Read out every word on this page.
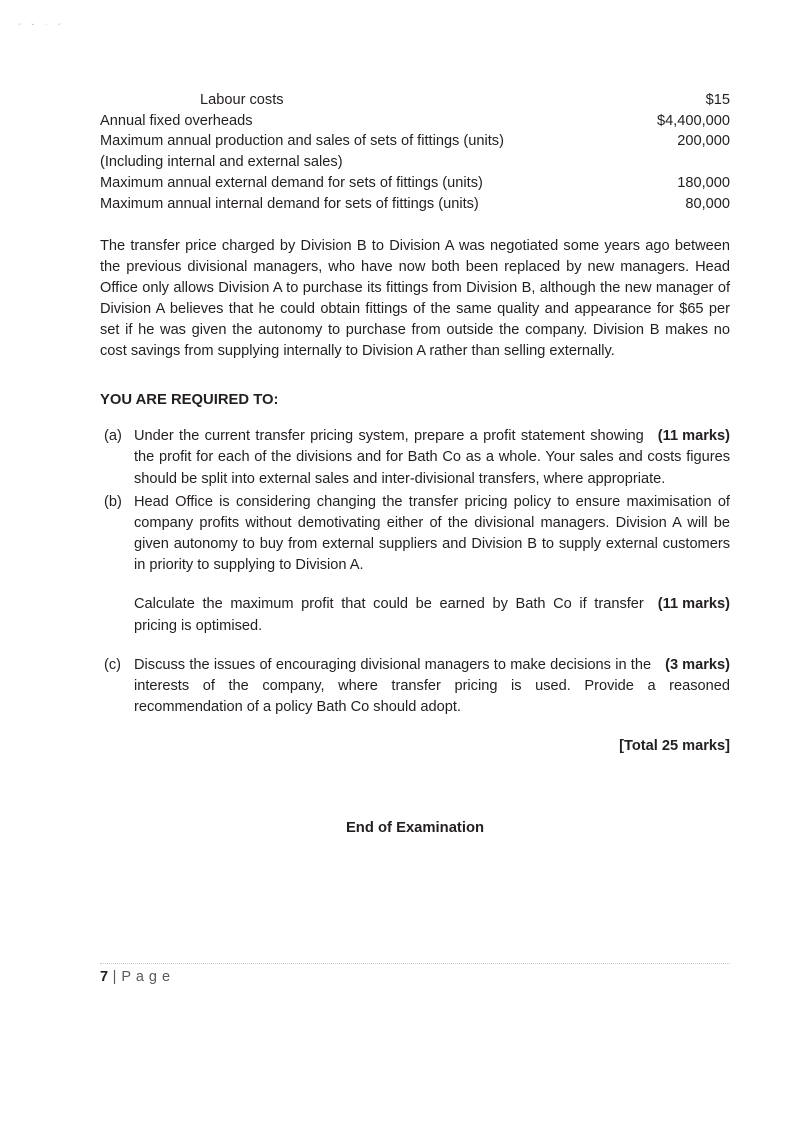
˘ ˇ ˈ ˘
Labour costs	$15
Annual fixed overheads	$4,400,000
Maximum annual production and sales of sets of fittings (units)	200,000
(Including internal and external sales)	
Maximum annual external demand for sets of fittings (units)	180,000
Maximum annual internal demand for sets of fittings (units)	80,000

The transfer price charged by Division B to Division A was negotiated some years ago between the previous divisional managers, who have now both been replaced by new managers. Head Office only allows Division A to purchase its fittings from Division B, although the new manager of Division A believes that he could obtain fittings of the same quality and appearance for $65 per set if he was given the autonomy to purchase from outside the company. Division B makes no cost savings from supplying internally to Division A rather than selling externally.

YOU ARE REQUIRED TO:

(a)	(11 marks)
Under the current transfer pricing system, prepare a profit statement showing the profit for each of the divisions and for Bath Co as a whole. Your sales and costs figures should be split into external sales and inter-divisional transfers, where appropriate.

(b) Head Office is considering changing the transfer pricing policy to ensure maximisation of company profits without demotivating either of the divisional managers. Division A will be given autonomy to buy from external suppliers and Division B to supply external customers in priority to supplying to Division A.

(11 marks)
Calculate the maximum profit that could be earned by Bath Co if transfer pricing is optimised.

(c)	(3 marks)
Discuss the issues of encouraging divisional managers to make decisions in the interests of the company, where transfer pricing is used. Provide a reasoned recommendation of a policy Bath Co should adopt.

[Total 25 marks]

End of Examination

7 | P a g e
